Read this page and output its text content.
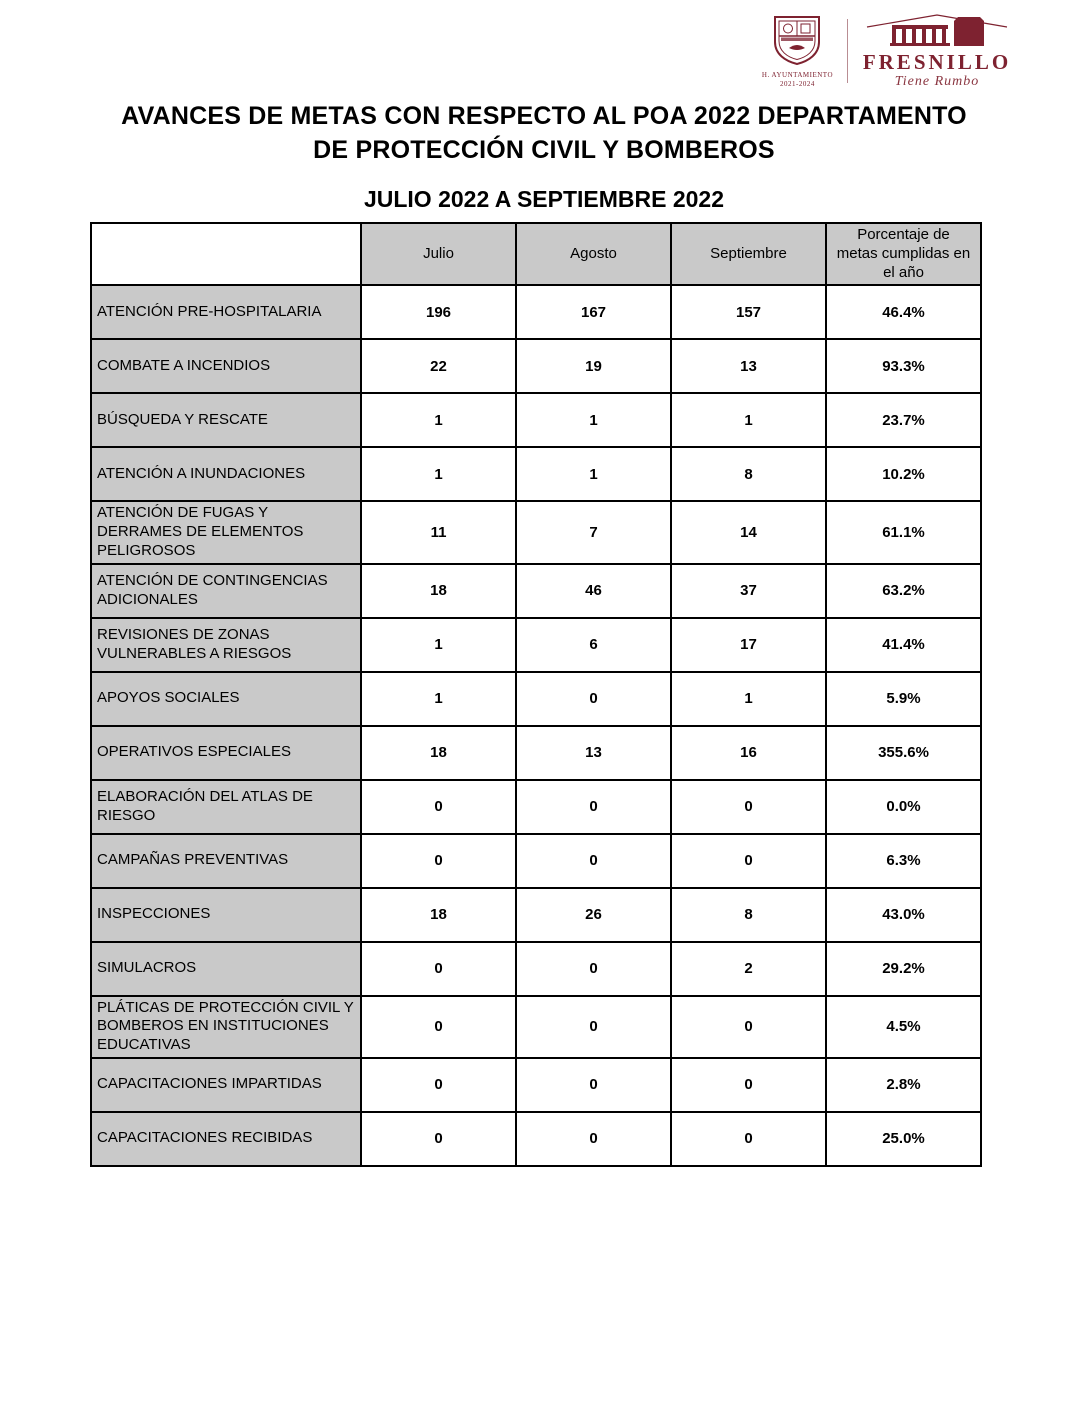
H. AYUNTAMIENTO
2021-2024
FRESNILLO
Tiene Rumbo
AVANCES DE METAS CON RESPECTO AL POA 2022 DEPARTAMENTO
DE PROTECCIÓN CIVIL Y BOMBEROS
JULIO 2022 A SEPTIEMBRE 2022
	Julio	Agosto	Septiembre	Porcentaje de metas cumplidas en el año
ATENCIÓN PRE-HOSPITALARIA	196	167	157	46.4%
COMBATE A INCENDIOS	22	19	13	93.3%
BÚSQUEDA Y RESCATE	1	1	1	23.7%
ATENCIÓN A INUNDACIONES	1	1	8	10.2%
ATENCIÓN DE FUGAS Y DERRAMES DE ELEMENTOS PELIGROSOS	11	7	14	61.1%
ATENCIÓN DE CONTINGENCIAS ADICIONALES	18	46	37	63.2%
REVISIONES DE ZONAS VULNERABLES A RIESGOS	1	6	17	41.4%
APOYOS SOCIALES	1	0	1	5.9%
OPERATIVOS ESPECIALES	18	13	16	355.6%
ELABORACIÓN DEL ATLAS DE RIESGO	0	0	0	0.0%
CAMPAÑAS PREVENTIVAS	0	0	0	6.3%
INSPECCIONES	18	26	8	43.0%
SIMULACROS	0	0	2	29.2%
PLÁTICAS DE PROTECCIÓN CIVIL Y BOMBEROS EN INSTITUCIONES EDUCATIVAS	0	0	0	4.5%
CAPACITACIONES IMPARTIDAS	0	0	0	2.8%
CAPACITACIONES RECIBIDAS	0	0	0	25.0%
